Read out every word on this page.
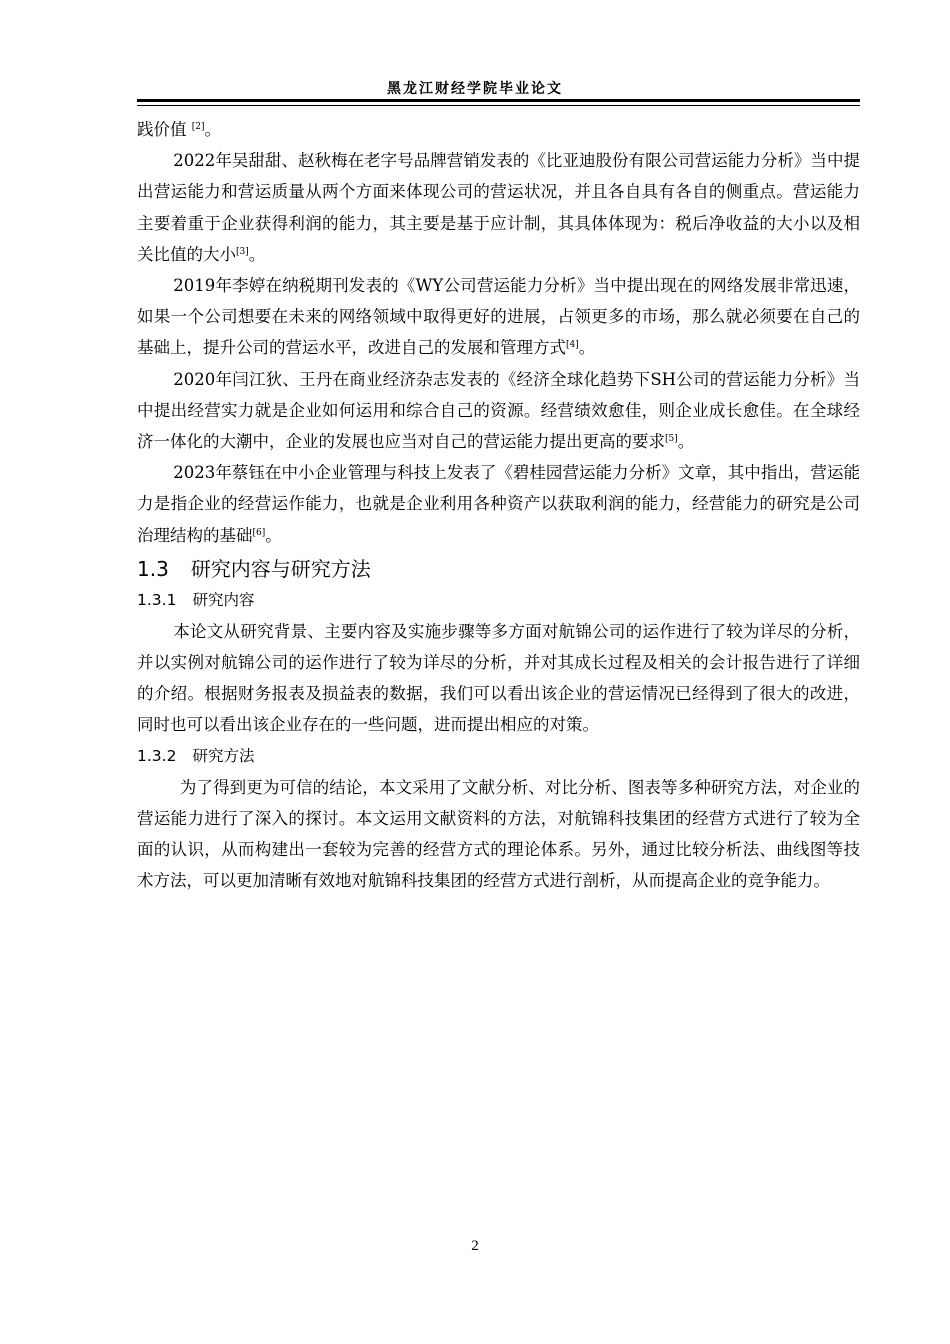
黑龙江财经学院毕业论文

践价值 [2]。

2022年吴甜甜、赵秋梅在老字号品牌营销发表的《比亚迪股份有限公司营运能力分析》当中提出营运能力和营运质量从两个方面来体现公司的营运状况，并且各自具有各自的侧重点。营运能力主要着重于企业获得利润的能力，其主要是基于应计制，其具体体现为：税后净收益的大小以及相关比值的大小[3]。

2019年李婷在纳税期刊发表的《WY公司营运能力分析》当中提出现在的网络发展非常迅速，如果一个公司想要在未来的网络领域中取得更好的进展，占领更多的市场，那么就必须要在自己的基础上，提升公司的营运水平，改进自己的发展和管理方式[4]。

2020年闫江狄、王丹在商业经济杂志发表的《经济全球化趋势下SH公司的营运能力分析》当中提出经营实力就是企业如何运用和综合自己的资源。经营绩效愈佳，则企业成长愈佳。在全球经济一体化的大潮中，企业的发展也应当对自己的营运能力提出更高的要求[5]。

2023年蔡钰在中小企业管理与科技上发表了《碧桂园营运能力分析》文章，其中指出，营运能力是指企业的经营运作能力，也就是企业利用各种资产以获取利润的能力，经营能力的研究是公司治理结构的基础[6]。

1.3 研究内容与研究方法
1.3.1 研究内容

本论文从研究背景、主要内容及实施步骤等多方面对航锦公司的运作进行了较为详尽的分析，并以实例对航锦公司的运作进行了较为详尽的分析，并对其成长过程及相关的会计报告进行了详细的介绍。根据财务报表及损益表的数据，我们可以看出该企业的营运情况已经得到了很大的改进，同时也可以看出该企业存在的一些问题，进而提出相应的对策。

1.3.2 研究方法

为了得到更为可信的结论，本文采用了文献分析、对比分析、图表等多种研究方法，对企业的营运能力进行了深入的探讨。本文运用文献资料的方法，对航锦科技集团的经营方式进行了较为全面的认识，从而构建出一套较为完善的经营方式的理论体系。另外，通过比较分析法、曲线图等技术方法，可以更加清晰有效地对航锦科技集团的经营方式进行剖析，从而提高企业的竞争能力。

2
